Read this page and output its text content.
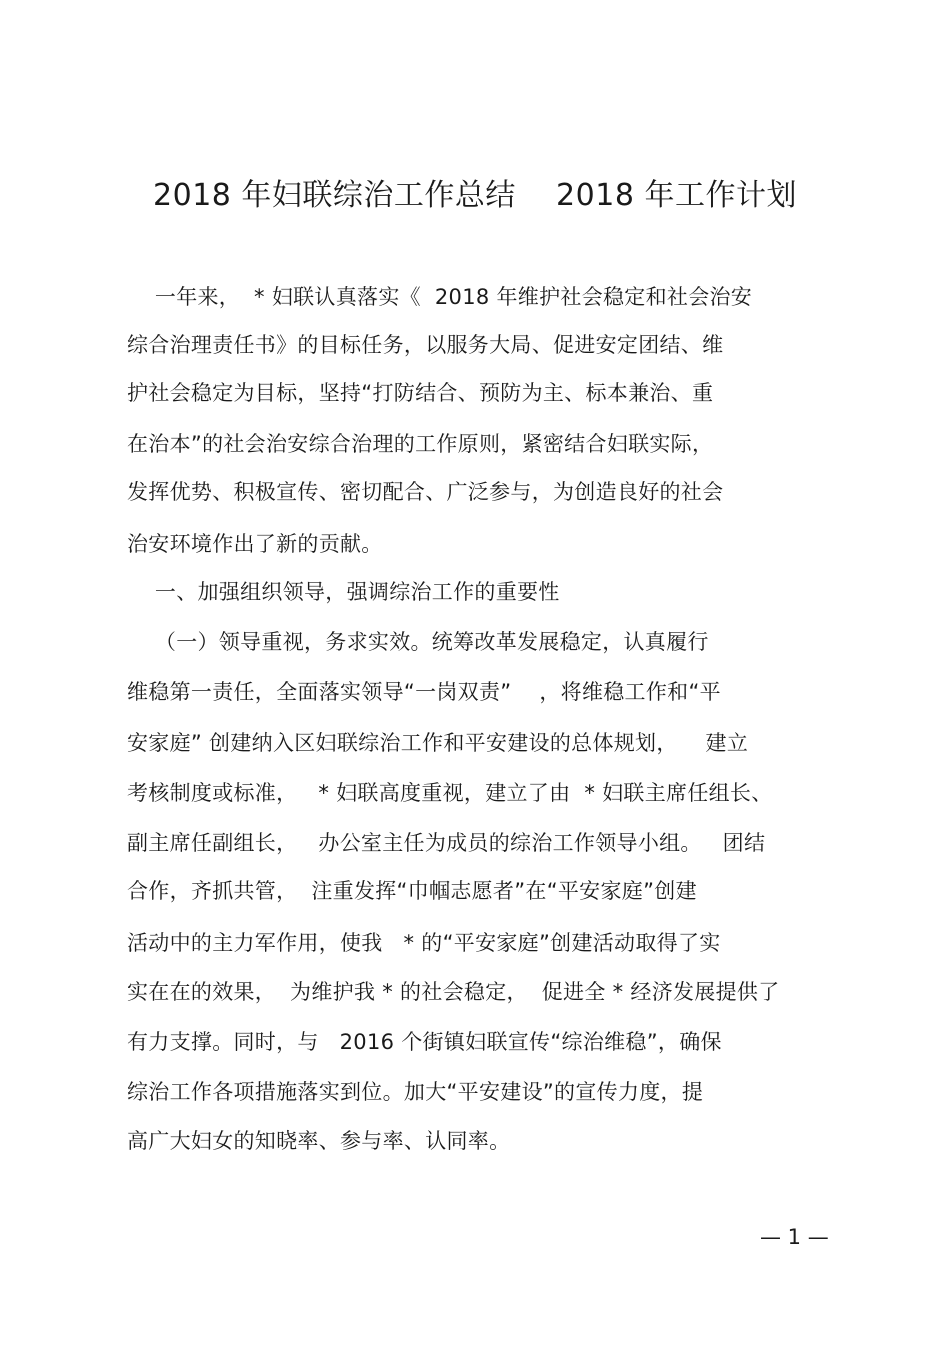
2018 年妇联综治工作总结    2018 年工作计划
一年来，  * 妇联认真落实《  2018 年维护社会稳定和社会治安
综合治理责任书》的目标任务，以服务大局、促进安定团结、维
护社会稳定为目标，坚持“打防结合、预防为主、标本兼治、重
在治本”的社会治安综合治理的工作原则，紧密结合妇联实际，
发挥优势、积极宣传、密切配合、广泛参与，为创造良好的社会
治安环境作出了新的贡献。
一、加强组织领导，强调综治工作的重要性
（一）领导重视，务求实效。统筹改革发展稳定，认真履行
维稳第一责任，全面落实领导“一岗双责”    ，将维稳工作和“平
安家庭” 创建纳入区妇联综治工作和平安建设的总体规划，    建立
考核制度或标准，   * 妇联高度重视，建立了由  * 妇联主席任组长、
副主席任副组长，   办公室主任为成员的综治工作领导小组。   团结
合作，齐抓共管，  注重发挥“巾帼志愿者”在“平安家庭”创建
活动中的主力军作用，使我   * 的“平安家庭”创建活动取得了实
实在在的效果，  为维护我 * 的社会稳定，  促进全 * 经济发展提供了
有力支撑。同时，与   2016 个街镇妇联宣传“综治维稳”，确保
综治工作各项措施落实到位。加大“平安建设”的宣传力度，提
高广大妇女的知晓率、参与率、认同率。
— 1 —
